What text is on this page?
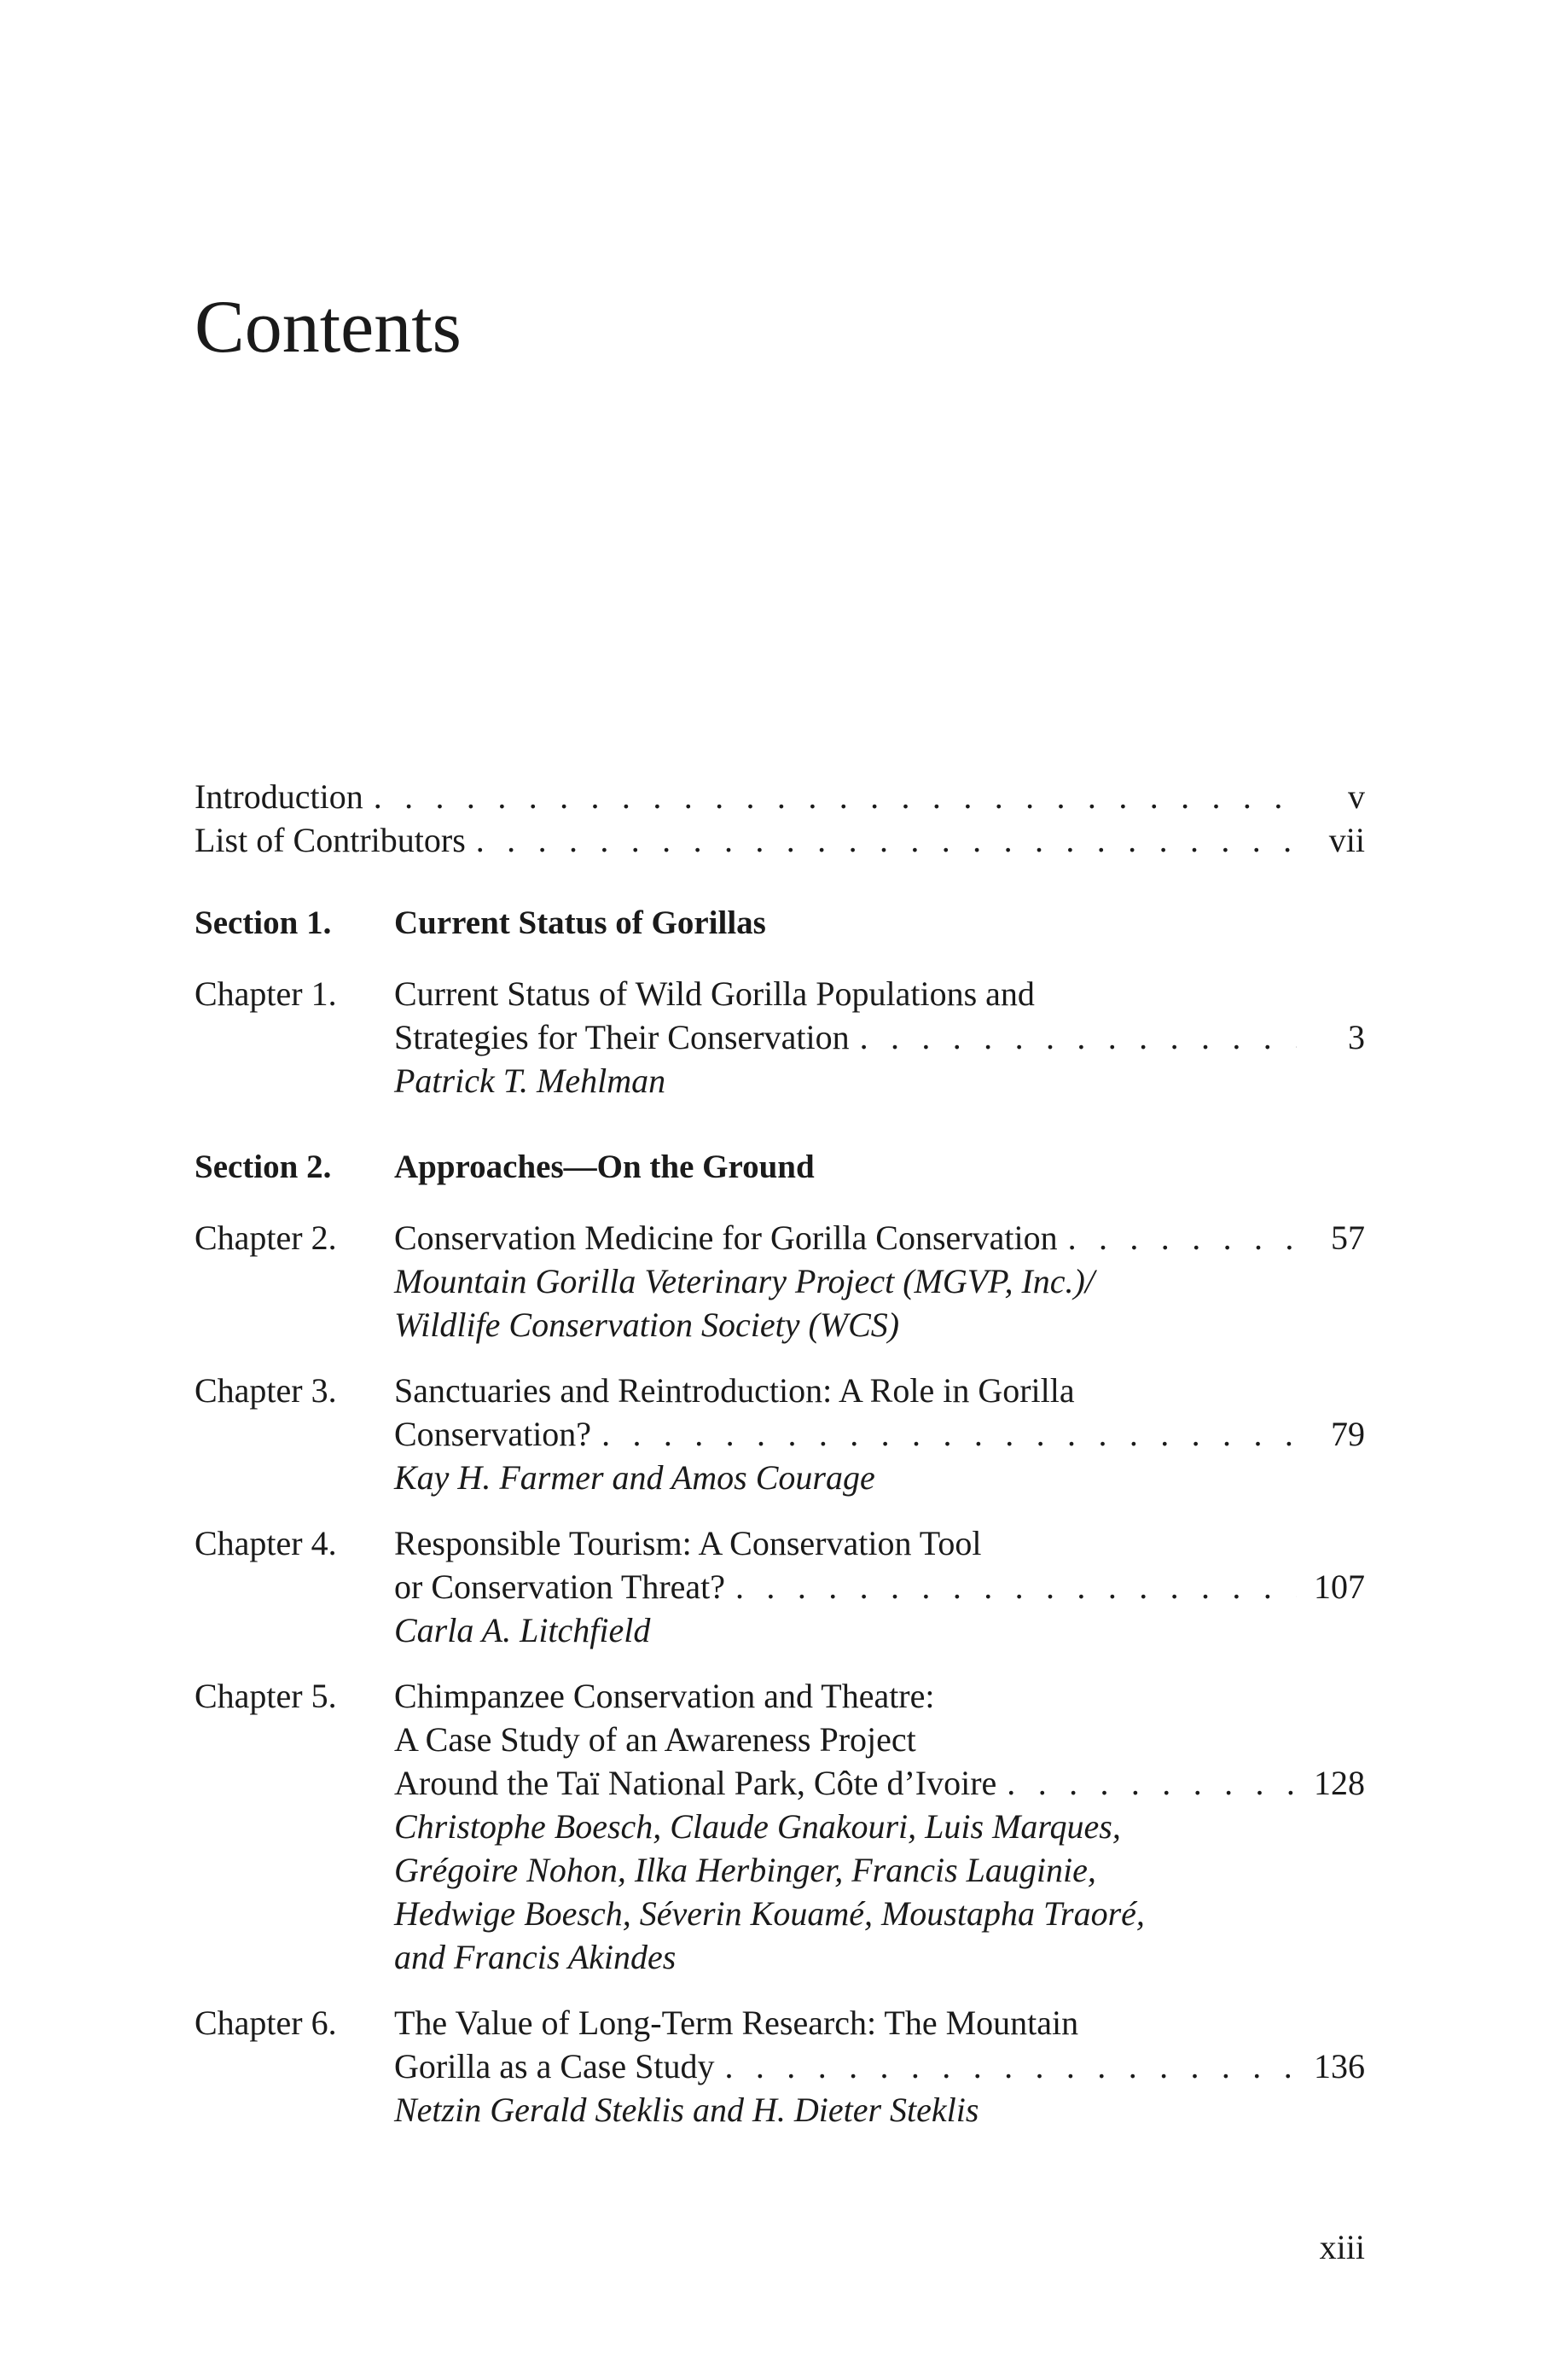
Contents
Introduction . . .	v
List of Contributors . . .	vii
Section 1.	Current Status of Gorillas
Chapter 1.	Current Status of Wild Gorilla Populations and
Strategies for Their Conservation . . .	3
Patrick T. Mehlman
Section 2.	Approaches—On the Ground
Chapter 2.	Conservation Medicine for Gorilla Conservation . . .	57
Mountain Gorilla Veterinary Project (MGVP, Inc.)/
Wildlife Conservation Society (WCS)
Chapter 3.	Sanctuaries and Reintroduction: A Role in Gorilla
Conservation? . . .	79
Kay H. Farmer and Amos Courage
Chapter 4.	Responsible Tourism: A Conservation Tool
or Conservation Threat? . . .	107
Carla A. Litchfield
Chapter 5.	Chimpanzee Conservation and Theatre:
A Case Study of an Awareness Project
Around the Taï National Park, Côte d’Ivoire . . .	128
Christophe Boesch, Claude Gnakouri, Luis Marques,
Grégoire Nohon, Ilka Herbinger, Francis Lauginie,
Hedwige Boesch, Séverin Kouamé, Moustapha Traoré,
and Francis Akindes
Chapter 6.	The Value of Long-Term Research: The Mountain
Gorilla as a Case Study . . .	136
Netzin Gerald Steklis and H. Dieter Steklis
xiii
